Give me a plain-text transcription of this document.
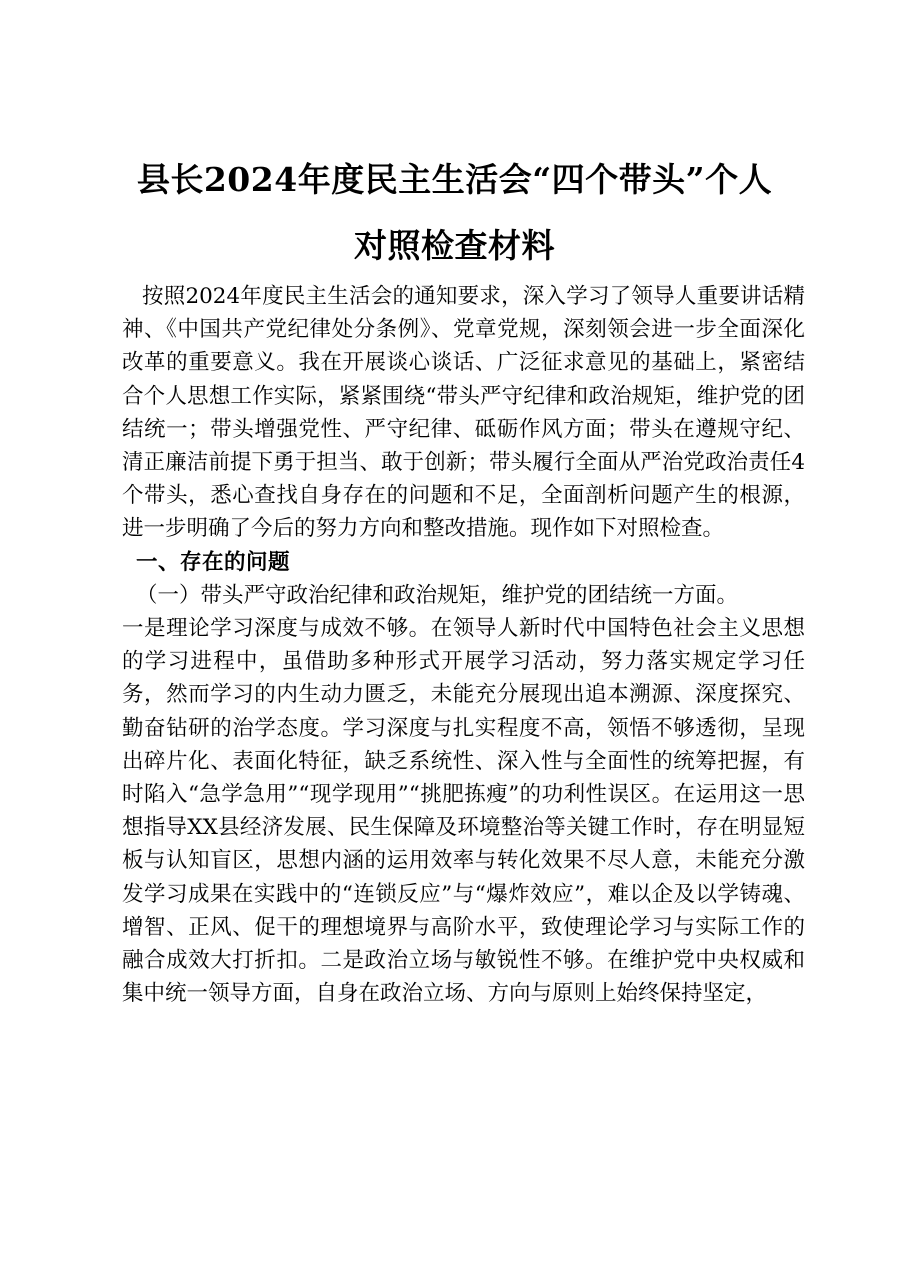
县长2024年度民主生活会“四个带头”个人
对照检查材料

按照2024年度民主生活会的通知要求，深入学习了领导人重要讲话精神、《中国共产党纪律处分条例》、党章党规，深刻领会进一步全面深化改革的重要意义。我在开展谈心谈话、广泛征求意见的基础上，紧密结合个人思想工作实际，紧紧围绕“带头严守纪律和政治规矩，维护党的团结统一；带头增强党性、严守纪律、砥砺作风方面；带头在遵规守纪、清正廉洁前提下勇于担当、敢于创新；带头履行全面从严治党政治责任4个带头，悉心查找自身存在的问题和不足，全面剖析问题产生的根源，进一步明确了今后的努力方向和整改措施。现作如下对照检查。

一、存在的问题

（一）带头严守政治纪律和政治规矩，维护党的团结统一方面。

一是理论学习深度与成效不够。在领导人新时代中国特色社会主义思想的学习进程中，虽借助多种形式开展学习活动，努力落实规定学习任务，然而学习的内生动力匮乏，未能充分展现出追本溯源、深度探究、勤奋钻研的治学态度。学习深度与扎实程度不高，领悟不够透彻，呈现出碎片化、表面化特征，缺乏系统性、深入性与全面性的统筹把握，有时陷入“急学急用”“现学现用”“挑肥拣瘦”的功利性误区。在运用这一思想指导XX县经济发展、民生保障及环境整治等关键工作时，存在明显短板与认知盲区，思想内涵的运用效率与转化效果不尽人意，未能充分激发学习成果在实践中的“连锁反应”与“爆炸效应”，难以企及以学铸魂、增智、正风、促干的理想境界与高阶水平，致使理论学习与实际工作的融合成效大打折扣。二是政治立场与敏锐性不够。在维护党中央权威和集中统一领导方面，自身在政治立场、方向与原则上始终保持坚定，
